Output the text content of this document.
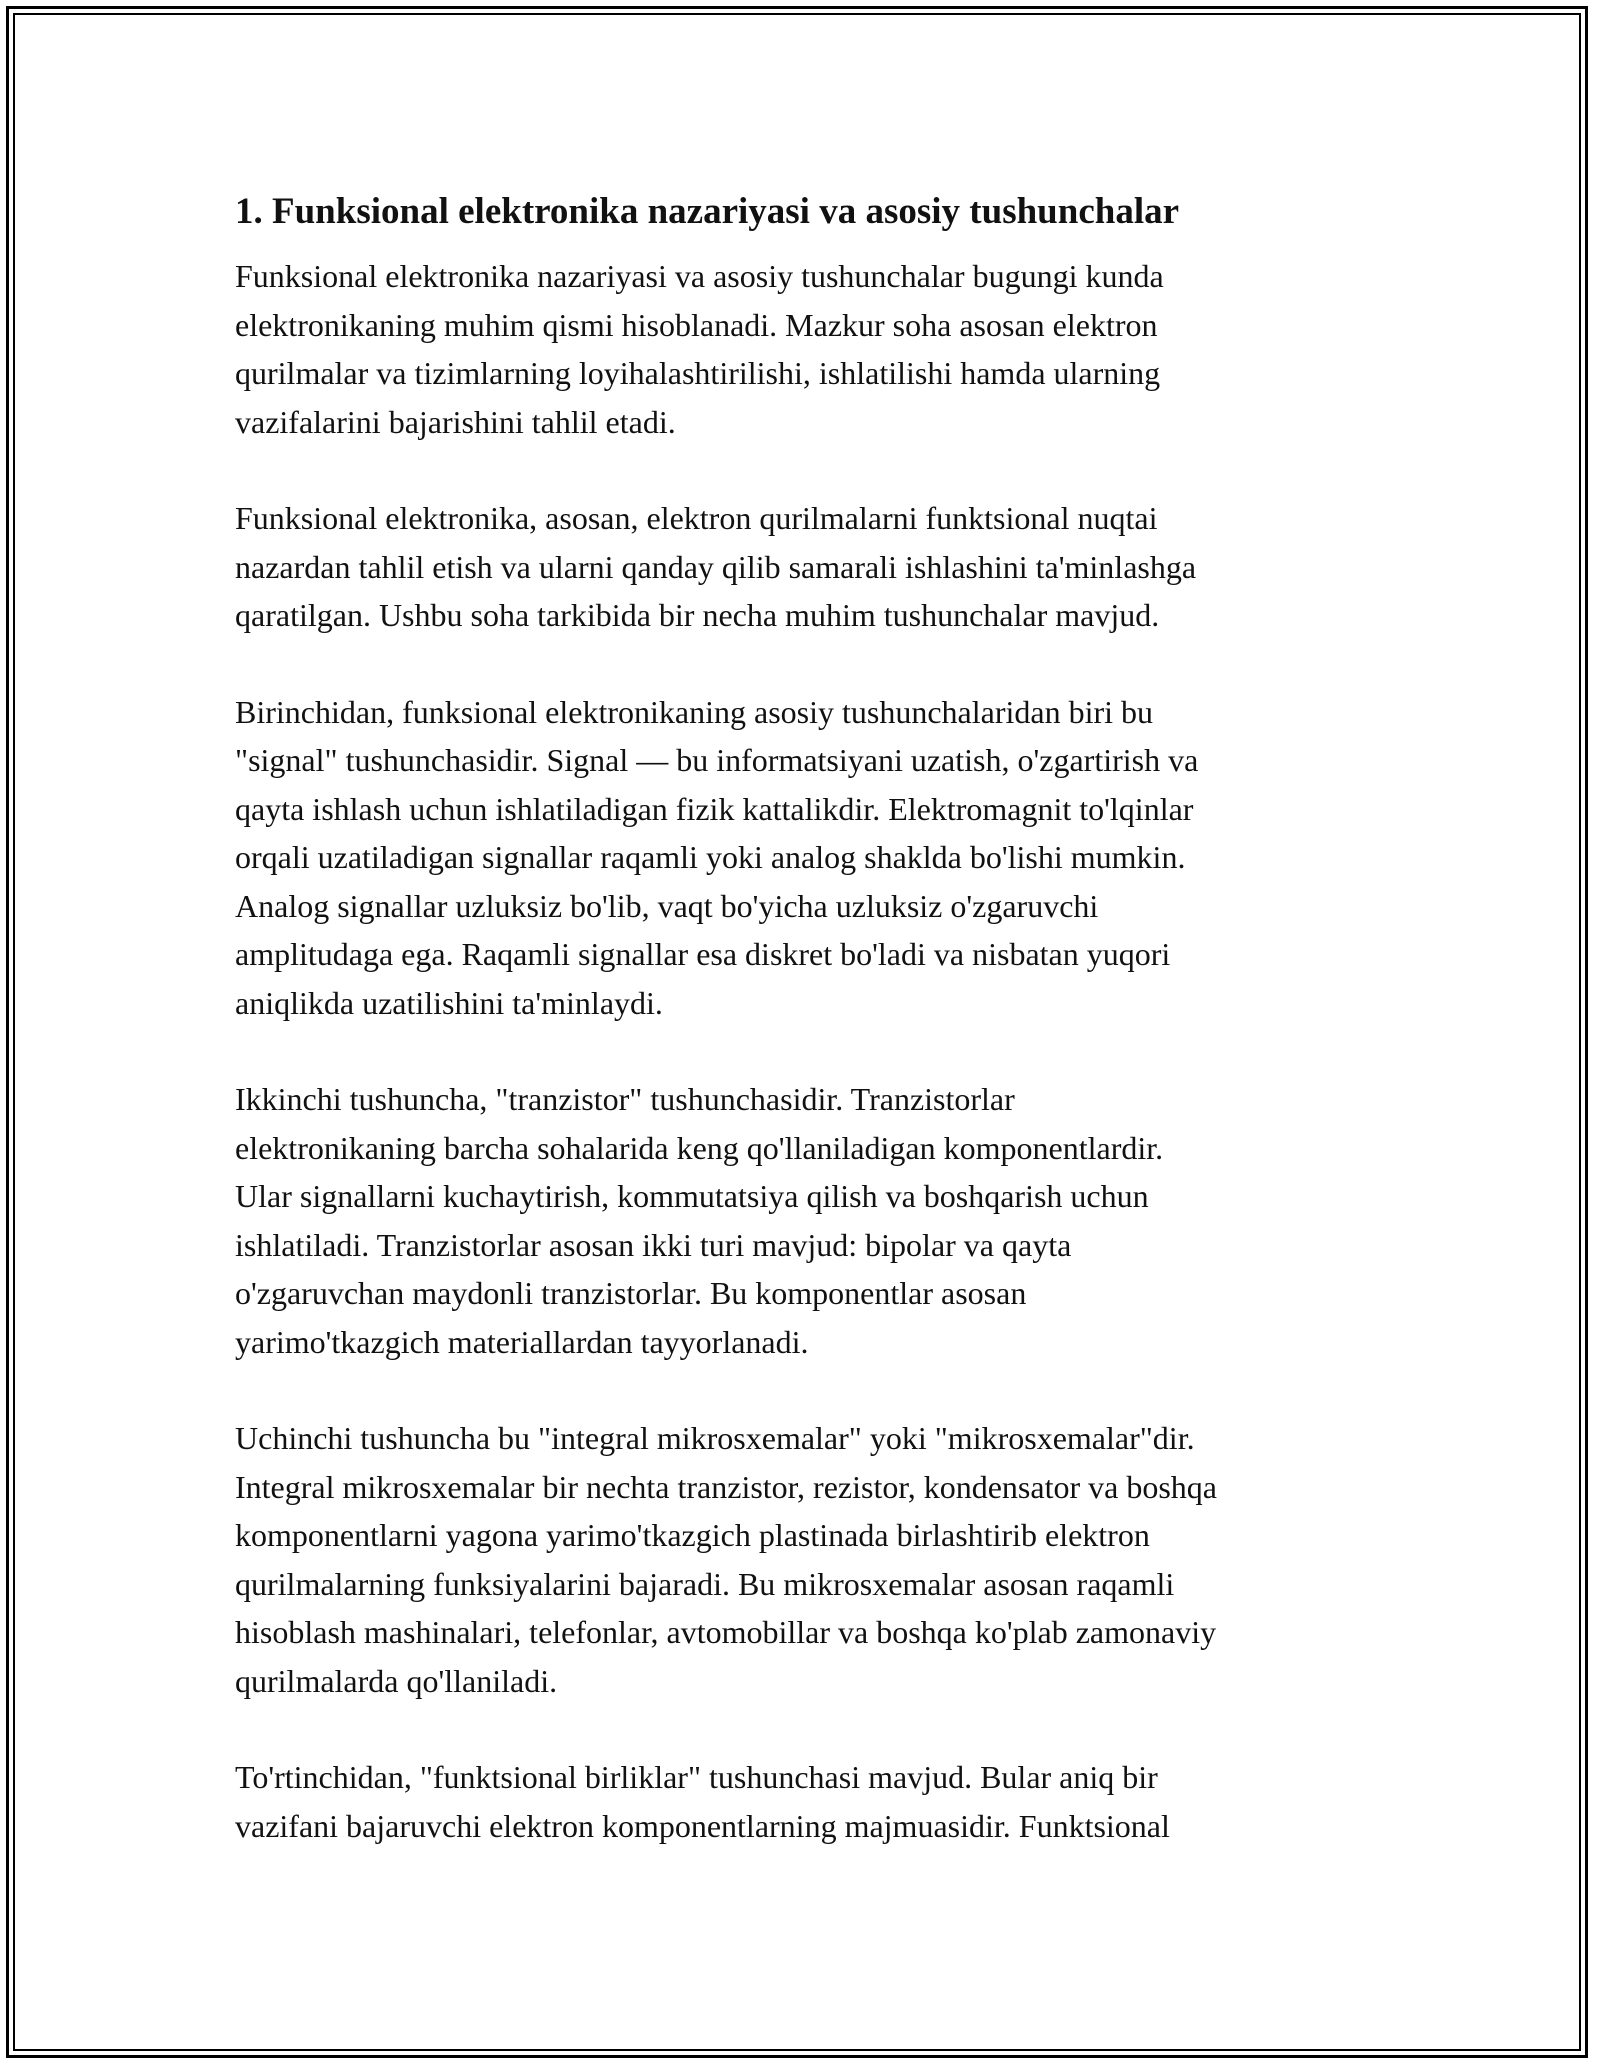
1. Funksional elektronika nazariyasi va asosiy tushunchalar

Funksional elektronika nazariyasi va asosiy tushunchalar bugungi kunda
elektronikaning muhim qismi hisoblanadi. Mazkur soha asosan elektron
qurilmalar va tizimlarning loyihalashtirilishi, ishlatilishi hamda ularning
vazifalarini bajarishini tahlil etadi.

Funksional elektronika, asosan, elektron qurilmalarni funktsional nuqtai
nazardan tahlil etish va ularni qanday qilib samarali ishlashini ta'minlashga
qaratilgan. Ushbu soha tarkibida bir necha muhim tushunchalar mavjud.

Birinchidan, funksional elektronikaning asosiy tushunchalaridan biri bu
"signal" tushunchasidir. Signal — bu informatsiyani uzatish, o'zgartirish va
qayta ishlash uchun ishlatiladigan fizik kattalikdir. Elektromagnit to'lqinlar
orqali uzatiladigan signallar raqamli yoki analog shaklda bo'lishi mumkin.
Analog signallar uzluksiz bo'lib, vaqt bo'yicha uzluksiz o'zgaruvchi
amplitudaga ega. Raqamli signallar esa diskret bo'ladi va nisbatan yuqori
aniqlikda uzatilishini ta'minlaydi.

Ikkinchi tushuncha, "tranzistor" tushunchasidir. Tranzistorlar
elektronikaning barcha sohalarida keng qo'llaniladigan komponentlardir.
Ular signallarni kuchaytirish, kommutatsiya qilish va boshqarish uchun
ishlatiladi. Tranzistorlar asosan ikki turi mavjud: bipolar va qayta
o'zgaruvchan maydonli tranzistorlar. Bu komponentlar asosan
yarimo'tkazgich materiallardan tayyorlanadi.

Uchinchi tushuncha bu "integral mikrosxemalar" yoki "mikrosxemalar"dir.
Integral mikrosxemalar bir nechta tranzistor, rezistor, kondensator va boshqa
komponentlarni yagona yarimo'tkazgich plastinada birlashtirib elektron
qurilmalarning funksiyalarini bajaradi. Bu mikrosxemalar asosan raqamli
hisoblash mashinalari, telefonlar, avtomobillar va boshqa ko'plab zamonaviy
qurilmalarda qo'llaniladi.

To'rtinchidan, "funktsional birliklar" tushunchasi mavjud. Bular aniq bir
vazifani bajaruvchi elektron komponentlarning majmuasidir. Funktsional
